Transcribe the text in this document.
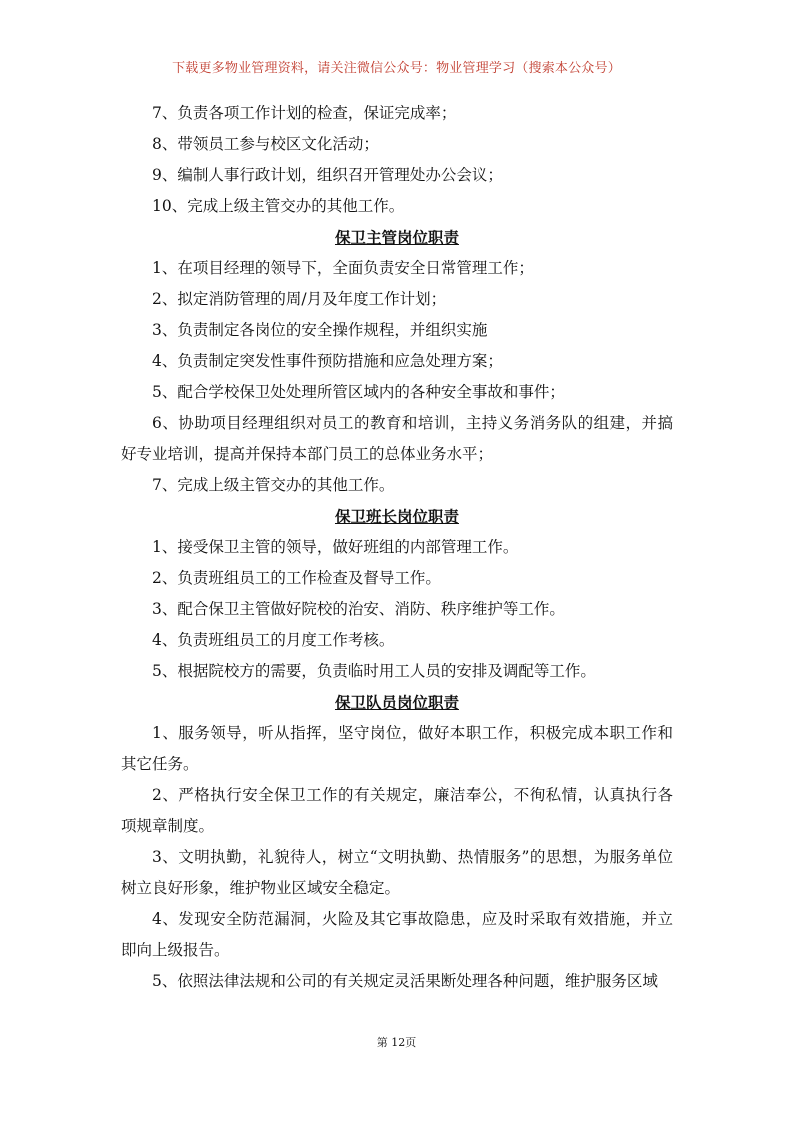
下载更多物业管理资料，请关注微信公众号：物业管理学习（搜索本公众号）

7、负责各项工作计划的检查，保证完成率；

8、带领员工参与校区文化活动；

9、编制人事行政计划，组织召开管理处办公会议；

10、完成上级主管交办的其他工作。

保卫主管岗位职责

1、在项目经理的领导下，全面负责安全日常管理工作；

2、拟定消防管理的周/月及年度工作计划；

3、负责制定各岗位的安全操作规程，并组织实施

4、负责制定突发性事件预防措施和应急处理方案；

5、配合学校保卫处处理所管区域内的各种安全事故和事件；

6、协助项目经理组织对员工的教育和培训，主持义务消务队的组建，并搞好专业培训，提高并保持本部门员工的总体业务水平；

7、完成上级主管交办的其他工作。

保卫班长岗位职责

1、接受保卫主管的领导，做好班组的内部管理工作。

2、负责班组员工的工作检查及督导工作。

3、配合保卫主管做好院校的治安、消防、秩序维护等工作。

4、负责班组员工的月度工作考核。

5、根据院校方的需要，负责临时用工人员的安排及调配等工作。

保卫队员岗位职责

1、服务领导，听从指挥，坚守岗位，做好本职工作，积极完成本职工作和其它任务。

2、严格执行安全保卫工作的有关规定，廉洁奉公，不徇私情，认真执行各项规章制度。

3、文明执勤，礼貌待人，树立“文明执勤、热情服务”的思想，为服务单位树立良好形象，维护物业区域安全稳定。

4、发现安全防范漏洞，火险及其它事故隐患，应及时采取有效措施，并立即向上级报告。

5、依照法律法规和公司的有关规定灵活果断处理各种问题，维护服务区域

第 12页
